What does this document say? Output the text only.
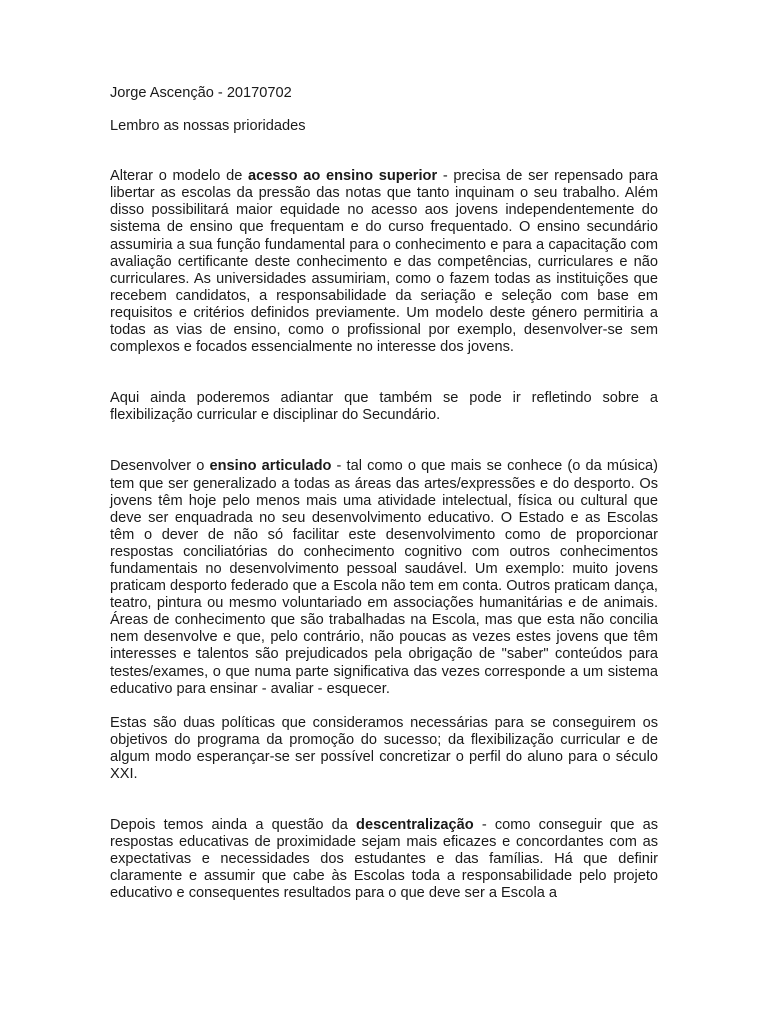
Jorge Ascenção - 20170702

Lembro as nossas prioridades

Alterar o modelo de acesso ao ensino superior - precisa de ser repensado para libertar as escolas da pressão das notas que tanto inquinam o seu trabalho. Além disso possibilitará maior equidade no acesso aos jovens independentemente do sistema de ensino que frequentam e do curso frequentado. O ensino secundário assumiria a sua função fundamental para o conhecimento e para a capacitação com avaliação certificante deste conhecimento e das competências, curriculares e não curriculares. As universidades assumiriam, como o fazem todas as instituições que recebem candidatos, a responsabilidade da seriação e seleção com base em requisitos e critérios definidos previamente. Um modelo deste género permitiria a todas as vias de ensino, como o profissional por exemplo, desenvolver-se sem complexos e focados essencialmente no interesse dos jovens.

Aqui ainda poderemos adiantar que também se pode ir refletindo sobre a flexibilização curricular e disciplinar do Secundário.

Desenvolver o ensino articulado - tal como o que mais se conhece (o da música) tem que ser generalizado a todas as áreas das artes/expressões e do desporto. Os jovens têm hoje pelo menos mais uma atividade intelectual, física ou cultural que deve ser enquadrada no seu desenvolvimento educativo. O Estado e as Escolas têm o dever de não só facilitar este desenvolvimento como de proporcionar respostas conciliatórias do conhecimento cognitivo com outros conhecimentos fundamentais no desenvolvimento pessoal saudável. Um exemplo: muito jovens praticam desporto federado que a Escola não tem em conta. Outros praticam dança, teatro, pintura ou mesmo voluntariado em associações humanitárias e de animais. Áreas de conhecimento que são trabalhadas na Escola, mas que esta não concilia nem desenvolve e que, pelo contrário, não poucas as vezes estes jovens que têm interesses e talentos são prejudicados pela obrigação de "saber" conteúdos para testes/exames, o que numa parte significativa das vezes corresponde a um sistema educativo para ensinar - avaliar - esquecer.

Estas são duas políticas que consideramos necessárias para se conseguirem os objetivos do programa da promoção do sucesso; da flexibilização curricular e de algum modo esperançar-se ser possível concretizar o perfil do aluno para o século XXI.

Depois temos ainda a questão da descentralização - como conseguir que as respostas educativas de proximidade sejam mais eficazes e concordantes com as expectativas e necessidades dos estudantes e das famílias. Há que definir claramente e assumir que cabe às Escolas toda a responsabilidade pelo projeto educativo e consequentes resultados para o que deve ser a Escola a
